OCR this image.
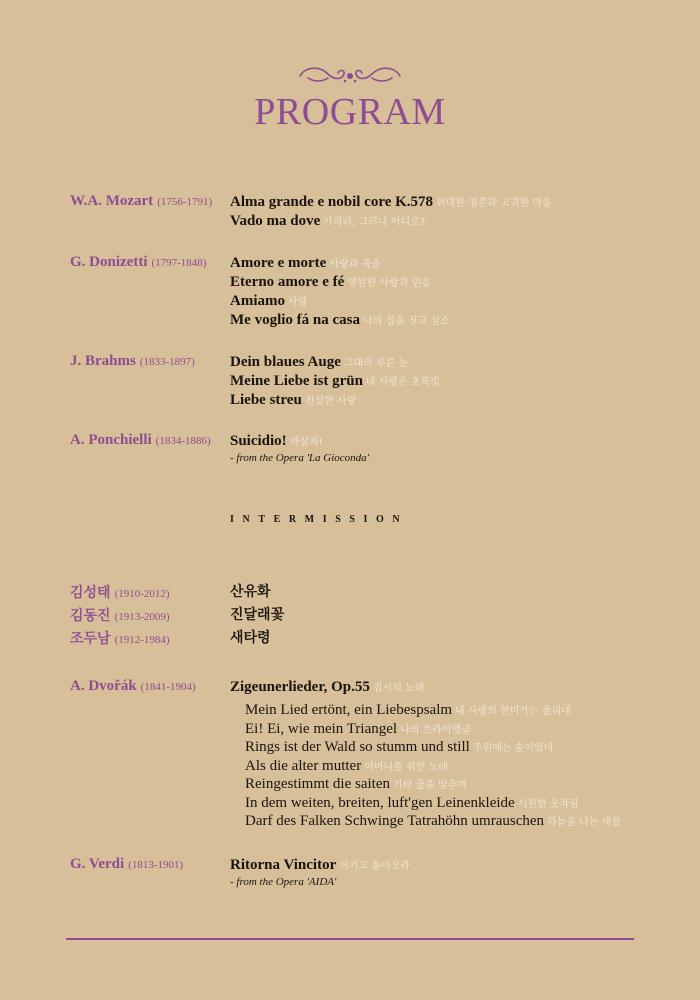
PROGRAM
W.A. Mozart (1756-1791) Alma grande e nobil core K.578 위대한 영혼과 고귀한 마음
Vado ma dove 가리라, 그러나 어디로?
G. Donizetti (1797-1848) Amore e morte 사랑과 죽음
Eterno amore e fé 영원한 사랑과 믿음
Amiamo 사랑
Me voglio fá na casa 나의 집을 짓고 싶소
J. Brahms (1833-1897) Dein blaues Auge 그대의 푸른 눈
Meine Liebe ist grün 내 사랑은 초록빛
Liebe streu 진실한 사랑
A. Ponchielli (1834-1886) Suicidio! 자살자!
- from the Opera 'La Gioconda'
INTERMISSION
김성태 (1910-2012)	산유화
김동진 (1913-2009)	진달래꽃
조두남 (1912-1984)	새타령
A. Dvořák (1841-1904) Zigeunerlieder, Op.55 집시의 노래
Mein Lied ertönt, ein Liebespsalm 내 사랑의 찬미가는 울리네
Ei! Ei, wie mein Triangel 나의 트라이앵글
Rings ist der Wald so stumm und still 주위에는 숲이있네
Als die alter mutter 어머니를 위한 노래
Reingestimmt die saiten 기타 줄을 맞추며
In dem weiten, breiten, luft'gen Leinenkleide 시원한 옷차림
Darf des Falken Schwinge Tatrahöhn umrauschen 하늘을 나는 새들
G. Verdi (1813-1901)	Ritorna Vincitor 이기고 돌아오라
- from the Opera 'AIDA'
